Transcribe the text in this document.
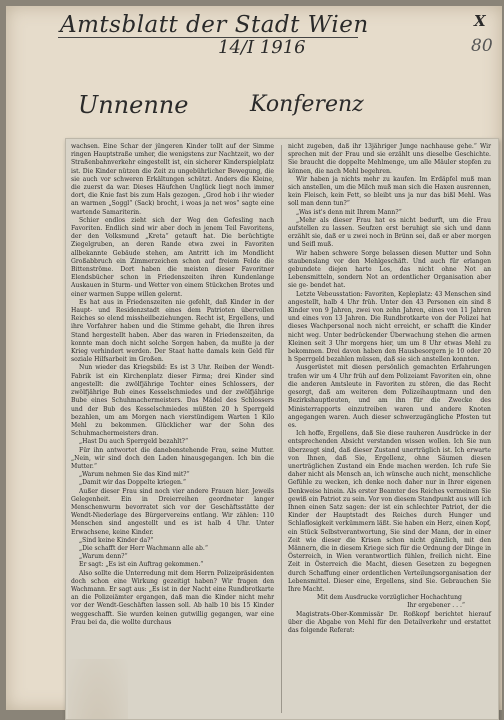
Amtsblatt der Stadt Wien	X
14/I 1916	80
Unnenne	Konferenz

wachsen. Eine Schar der jüngeren Kinder tollt auf der Simme ringen Hauptstraße umher, die wenigstens zur Nachtzeit, wo der Straßenbahnverkehr eingestellt ist, ein sicherer Kinderspielplatz ist. Die Kinder nützen die Zeit zu ungebührlicher Bewegung, die sie auch vor schweren Erkältungen schützt. Anders die Kleine, die zuerst da war. Dieses Häufchen Unglück liegt noch immer dort, die Knie fast bis zum Hals gezogen. „Grod hob i ihr wieder an warmen „Soggl“ (Sack) brocht, i woas ja net wos“ sagte eine wartende Samariterin.

Schier endlos zieht sich der Weg den Gefesling nach Favoriten. Endlich sind wir aber doch in jenem Teil Favoritens, der den Volksmund „Kreta“ getauft hat. Die berüchtigte Ziegelgruben, an deren Rande etwa zwei in Favoriten allbekannte Gebäude stehen, am Antritt ich im Mondlicht Großabbruch ein Zimmerzeichen schon auf freiem Felde die Bittenströme. Dort haben die meisten dieser Favoritner Elendsbücher schon in Friedenszeiten ihren Kundenlange Auskauen in Sturm- und Wetter von einem Stückchen Brotes und einer warmen Suppe willen gelernt.

Es hat aus in Friedenszeiten nie gefehlt, daß Kinder in der Haupt- und Residenzstadt eines dem Patrioten übervollen Reiches so elend missheilbeziehungen. Recht ist, Ergellens, und ihre Vorfahrer haben und die Stimme gehabt, die Ihren ihres Stand hergestellt haben. Aber das waren in Friedenszeiten, da konnte man doch nicht solche Sorgen haben, da mußte ja der Krieg verhindert werden. Der Staat hatte damals kein Geld für soziale Hilfsarbeit im Großen.

Nun wieder das Kriegsbild: Es ist 3 Uhr. Reiben der Wendt-Fabrik ist ein Kirchenplatz dieser Firma; drei Kinder sind angestellt: die zwölfjährige Tochter eines Schlossers, der zwölfjährige Bub eines Kesselschmiedes und der zwölfjährige Bube eines Schuhmachermeisters. Das Mädel des Schlossers und der Bub des Kesselschmiedes müßten 20 h Sperrgeld bezahlen, um am Morgen nach vierstündigem Warten 1 Kilo Mehl zu bekommen. Glücklicher war der Sohn des Schuhmachermeisters dran.

„Hast Du auch Sperrgeld bezahlt?“

Für ihn antwortet die danebenstehende Frau, seine Mutter. „Nein, wir sind doch den Laden hinausgegangen. Ich bin die Mutter.“

„Warum nehmen Sie das Kind mit?“

„Damit wir das Doppelte kriegen.“

Außer dieser Frau sind noch vier andere Frauen hier. Jeweils Gelegenheit. Ein in Dreierreihen geordneter langer Menschenwurm bevorratet sich vor der Geschäftsstätte der Wendt-Niederlage des Bürgervereins entlang. Wir zählen: 110 Menschen sind angestellt und es ist halb 4 Uhr. Unter Erwachsene, keine Kinder.

„Sind keine Kinder da?“

„Die schafft der Herr Wachmann alle ab.“

„Warum denn?“

Er sagt: „Es ist ein Auftrag gekommen.“

Also sollte die Unterredung mit dem Herrn Polizeipräsidenten doch schon eine Wirkung gezeitigt haben? Wir fragen den Wachmann. Er sagt aus: „Es ist in der Nacht eine Rundbrotkarte an die Polizeiämter ergangen, daß man die Kinder nicht mehr vor der Wendt-Geschäften lassen soll. Ab halb 10 bis 15 Kinder weggeschafft. Sie wurden keinen gutwillig gegangen, war eine Frau bei da, die wollte durchaus

nicht zugeben, daß ihr 13jähriger Junge nachhause gehe.“ Wir sprechen mit der Frau und sie erzählt uns dieselbe Geschichte. Sie braucht die doppelte Mehlmenge, um alle Mäuler stopfen zu können, die nach Mehl begehren.

Wir haben ja nichts mehr zu kaufen. Im Erdäpfel muß man sich anstellen, um die Milch muß man sich die Haxen ausrennen, kein Fleisch, kein Fett, so bleibt uns ja nur das bißl Mehl. Was soll man denn tun?“

„Was ist's denn mit Ihrem Mann?“

„Mehr als dieser Frau hat es nicht bedurft, um die Frau aufstellen zu lassen. Seufzen erst beruhigt sie sich und dann erzählt sie, daß er u zwei noch in Brünn sei, daß er aber morgen und Seifl muß.

Wir haben schwere Sorge belassen diesen Mutter und Sohn staubenslang vor den Mehlgeschäft. Und auch für erlangen gebundete diejen harte Los, das nicht ohne Not an Lebensmitteln, sondern Not an ordentlicher Organisation aber sie ge- bendet hat.

Letzte Vebeusstation: Favoriten, Kepleplatz: 43 Menschen sind angestellt, halb 4 Uhr früh. Unter den 43 Personen ein sind 8 Kinder von 9 Jahren, zwei von zehn Jahren, eines von 11 Jahren und eines von 13 Jahren. Die Rundbrotkarte von der Polizei hat dieses Wachpersonal noch nicht erreicht, er schafft die Kinder nicht weg. Unter bedrückender Überwachung stehen die armen Kleinen seit 3 Uhr morgens hier, um um 8 Uhr etwas Mehl zu bekommen. Drei davon haben den Hausbesorgern je 10 oder 20 h Sperrgeld bezahlen müssen, daß sie sich anstellen konnten.

Ausgerüstet mit diesen persönlich gemachten Erfahrungen trafen wir um 4 Uhr früh auf dem Polizeiamt Favoriten ein, ohne die anderen Amtsleute in Favoriten zu stören, die das Recht gesorgt, daß am weiteren dem Polizeihauptmann und den Bezirkshauptleuten, und am ihn für die Zwecke des Ministerrapports einzutreiben waren und andere Knoten angegangen waren. Auch dieser schwerzugängliche Pfosten tut es.

Ich hoffe, Ergellens, daß Sie diese rauheren Ausdrücke in der entsprechenden Absicht verstanden wissen wollen. Ich Sie nun überzeugt sind, daß dieser Zustand unerträglich ist. Ich erwarte von Ihnen, daß Sie, Ergellenz, ohne Säumen diesen unerträglichen Zustand ein Ende machen werden. Ich rufe Sie daher nicht als Mensch an, ich wünsche auch nicht, menschliche Gefühle zu wecken, ich denke noch daher nur in Ihrer eigenen Denkweise hinein. Als erster Beamter des Reiches vermeinen Sie gewiß ein Patriot zu sein. Vor von diesem Standpunkt aus will ich Ihnen einen Satz sagen: der ist ein schlechter Patriot, der die Kinder der Hauptstadt des Reiches durch Hunger und Schlaflosigkeit verkümmern läßt. Sie haben ein Herz, einen Kopf, ein Stück Selbstverantwortung, Sie sind der Mann, der in einer Zeit wie dieser die Krisen schon nicht gänzlich, mit den Männern, die in diesem Kriege sich für die Ordnung der Dinge in Österreich, in Wien verantwortlich fühlen, freilich nicht. Eine Zeit in Österreich die Macht, diesen Gesetzen zu begegnen durch Schaffung einer ordentlichen Verteilungsorganisation der Lebensmittel. Dieser eine, Ergellens, sind Sie. Gebrauchen Sie Ihre Macht.

Mit dem Ausdrucke vorzüglicher Hochachtung

Ihr ergebener . . .“

Magistrats-Ober-Kommissär Dr. Roßkopf berichtet hierauf über die Abgabe von Mehl für den Detailverkehr und erstattet das folgende Referat:
